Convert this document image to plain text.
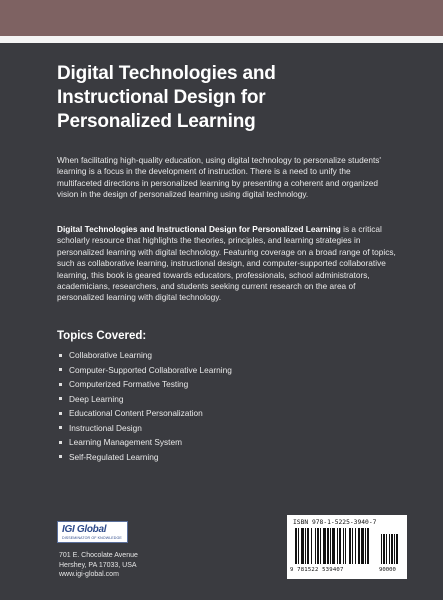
Digital Technologies and
Instructional Design for
Personalized Learning

When facilitating high-quality education, using digital technology to personalize students' learning is a focus in the development of instruction. There is a need to unify the multifaceted directions in personalized learning by presenting a coherent and organized vision in the design of personalized learning using digital technology.

Digital Technologies and Instructional Design for Personalized Learning is a critical scholarly resource that highlights the theories, principles, and learning strategies in personalized learning with digital technology. Featuring coverage on a broad range of topics, such as collaborative learning, instructional design, and computer-supported collaborative learning, this book is geared towards educators, professionals, school administrators, academicians, researchers, and students seeking current research on the area of personalized learning with digital technology.

Topics Covered:
Collaborative Learning
Computer-Supported Collaborative Learning
Computerized Formative Testing
Deep Learning
Educational Content Personalization
Instructional Design
Learning Management System
Self-Regulated Learning
IGI Global
DISSEMINATOR OF KNOWLEDGE
701 E. Chocolate Avenue
Hershey, PA 17033, USA
www.igi-global.com
ISBN 978-1-5225-3940-7
9 781522 539407	90000
